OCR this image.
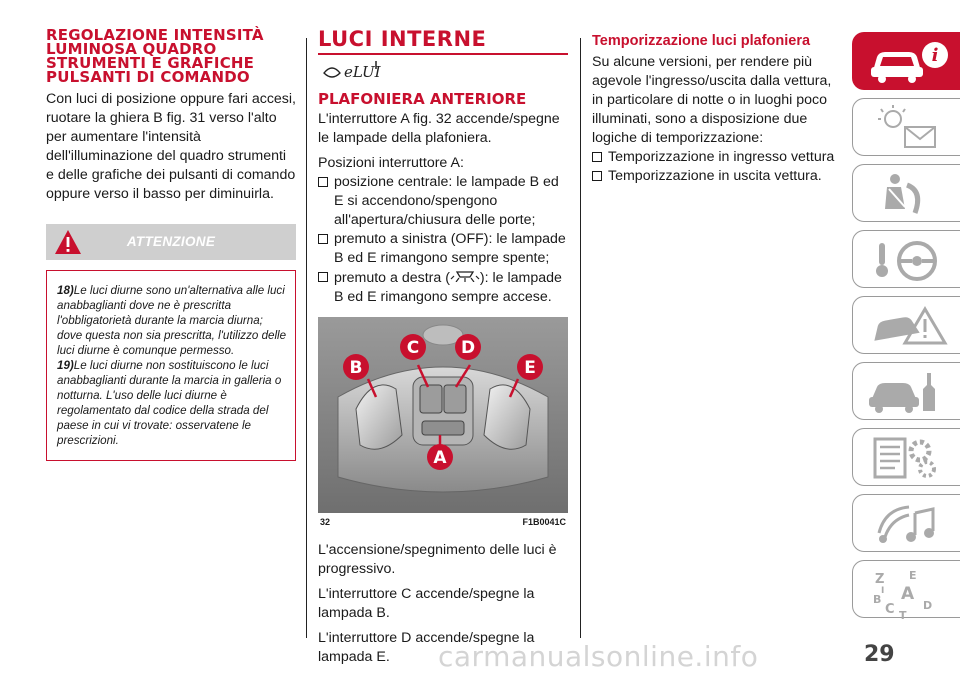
REGOLAZIONE INTENSITÀ LUMINOSA QUADRO STRUMENTI E GRAFICHE PULSANTI DI COMANDO

Con luci di posizione oppure fari accesi, ruotare la ghiera B fig. 31 verso l'alto per aumentare l'intensità dell'illuminazione del quadro strumenti e delle grafiche dei pulsanti di comando oppure verso il basso per diminuirla.

ATTENZIONE
18)Le luci diurne sono un'alternativa alle luci anabbaglianti dove ne è prescritta l'obbligatorietà durante la marcia diurna; dove questa non sia prescritta, l'utilizzo delle luci diurne è comunque permesso.
19)Le luci diurne non sostituiscono le luci anabbaglianti durante la marcia in galleria o notturna. L'uso delle luci diurne è regolamentato dal codice della strada del paese in cui vi trovate: osservatene le prescrizioni.
LUCI INTERNE
eLUI
PLAFONIERA ANTERIORE

L'interruttore A fig. 32 accende/spegne le lampade della plafoniera.

Posizioni interruttore A:

posizione centrale: le lampade B ed E si accendono/spengono all'apertura/chiusura delle porte;
premuto a sinistra (OFF): le lampade B ed E rimangono sempre spente;
premuto a destra ( ): le lampade B ed E rimangono sempre accese.
C D
B	E
A
32	F1B0041C

L'accensione/spegnimento delle luci è progressivo.

L'interruttore C accende/spegne la lampada B.

L'interruttore D accende/spegne la lampada E.

Temporizzazione luci plafoniera

Su alcune versioni, per rendere più agevole l'ingresso/uscita dalla vettura, in particolare di notte o in luoghi poco illuminati, sono a disposizione due logiche di temporizzazione:

Temporizzazione in ingresso vettura
Temporizzazione in uscita vettura.
i
Z E
A
B
C	D
T
I
carmanualsonline.info	29
